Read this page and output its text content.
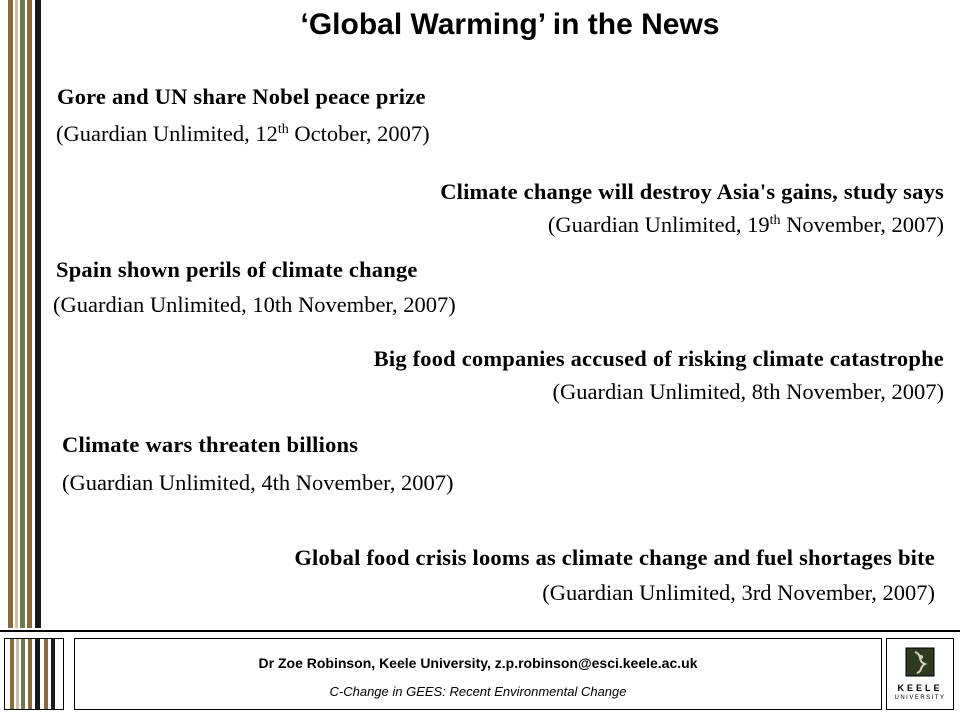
‘Global Warming’ in the News
Gore and UN share Nobel peace prize
(Guardian Unlimited, 12th October, 2007)
Climate change will destroy Asia's gains, study says
(Guardian Unlimited, 19th November, 2007)
Spain shown perils of climate change
(Guardian Unlimited, 10th November, 2007)
Big food companies accused of risking climate catastrophe
(Guardian Unlimited, 8th November, 2007)
Climate wars threaten billions
(Guardian Unlimited, 4th November, 2007)
Global food crisis looms as climate change and fuel shortages bite
(Guardian Unlimited, 3rd November, 2007)
Dr Zoe Robinson, Keele University, z.p.robinson@esci.keele.ac.uk
C-Change in GEES: Recent Environmental Change	KEELE
UNIVERSITY
